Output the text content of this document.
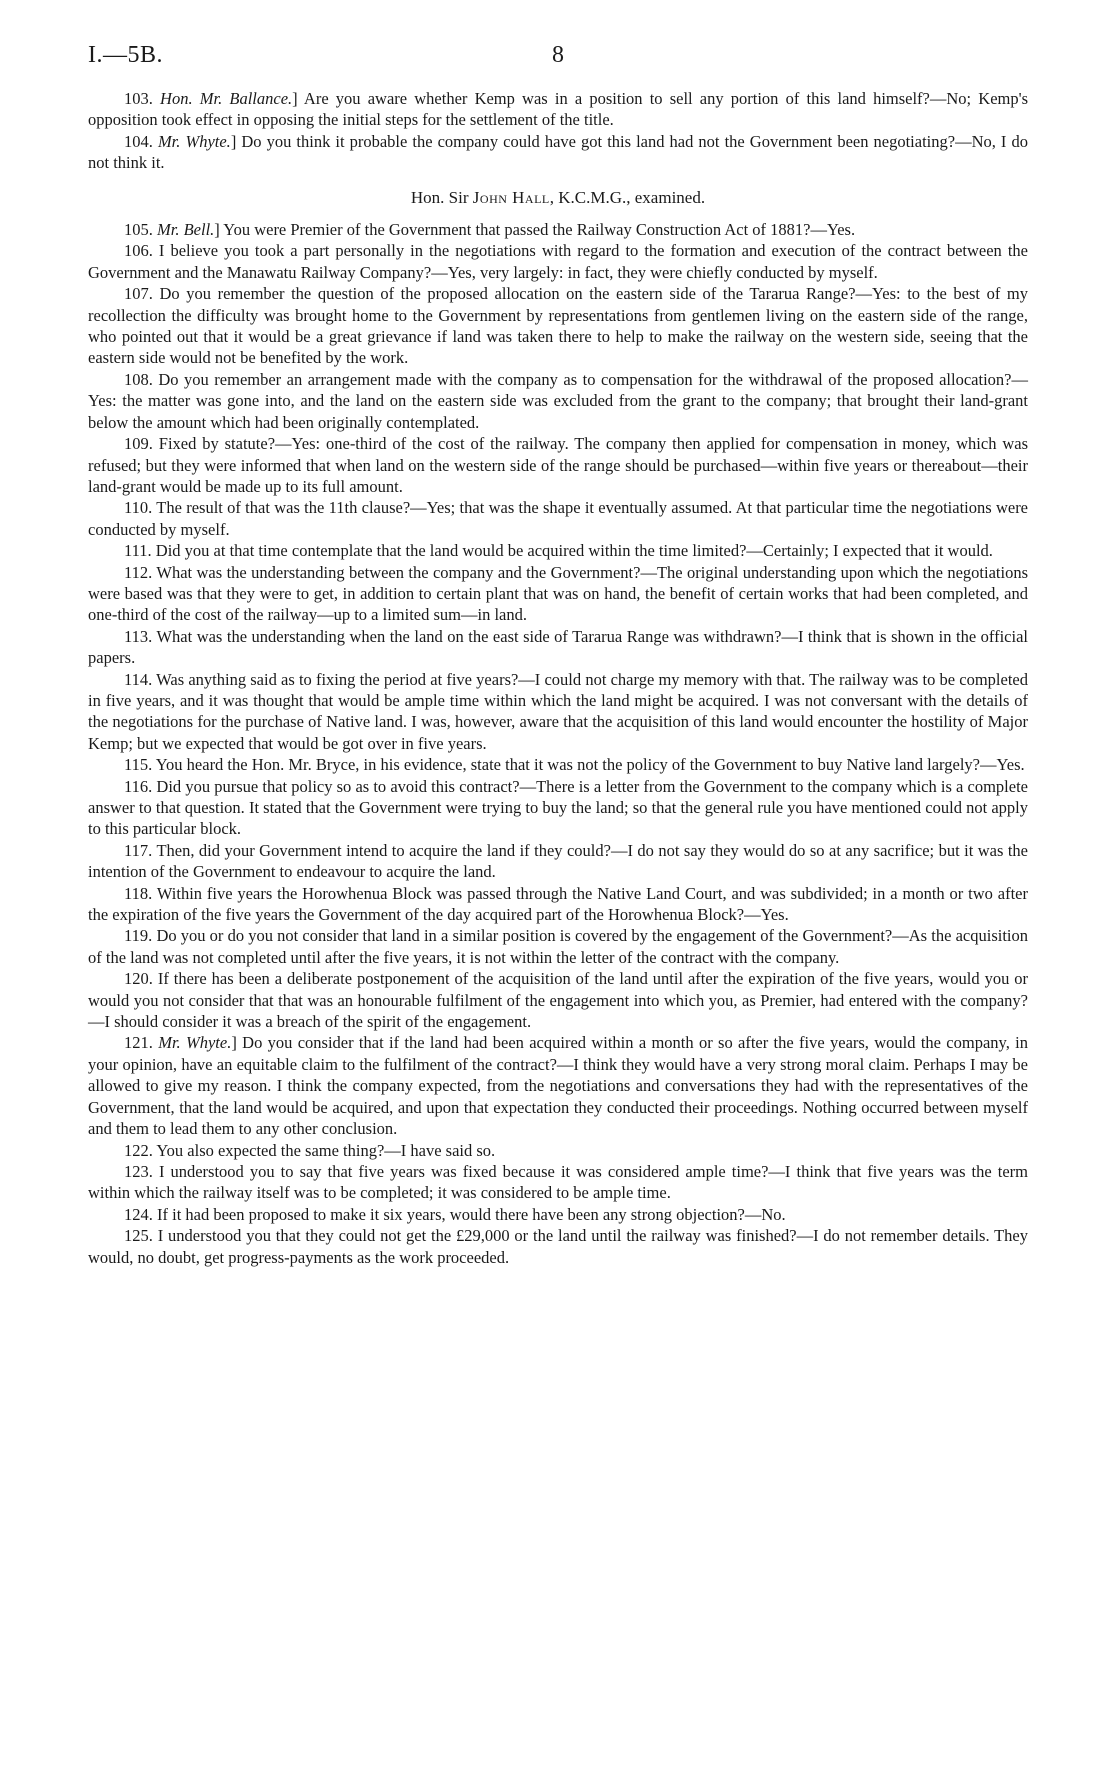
I.—5B.	8

103. Hon. Mr. Ballance.] Are you aware whether Kemp was in a position to sell any portion of this land himself?—No; Kemp's opposition took effect in opposing the initial steps for the settlement of the title.

104. Mr. Whyte.] Do you think it probable the company could have got this land had not the Government been negotiating?—No, I do not think it.

Hon. Sir John Hall, K.C.M.G., examined.

105. Mr. Bell.] You were Premier of the Government that passed the Railway Construction Act of 1881?—Yes.

106. I believe you took a part personally in the negotiations with regard to the formation and execution of the contract between the Government and the Manawatu Railway Company?—Yes, very largely: in fact, they were chiefly conducted by myself.

107. Do you remember the question of the proposed allocation on the eastern side of the Tararua Range?—Yes: to the best of my recollection the difficulty was brought home to the Government by representations from gentlemen living on the eastern side of the range, who pointed out that it would be a great grievance if land was taken there to help to make the railway on the western side, seeing that the eastern side would not be benefited by the work.

108. Do you remember an arrangement made with the company as to compensation for the withdrawal of the proposed allocation?—Yes: the matter was gone into, and the land on the eastern side was excluded from the grant to the company; that brought their land-grant below the amount which had been originally contemplated.

109. Fixed by statute?—Yes: one-third of the cost of the railway. The company then applied for compensation in money, which was refused; but they were informed that when land on the western side of the range should be purchased—within five years or thereabout—their land-grant would be made up to its full amount.

110. The result of that was the 11th clause?—Yes; that was the shape it eventually assumed. At that particular time the negotiations were conducted by myself.

111. Did you at that time contemplate that the land would be acquired within the time limited?—Certainly; I expected that it would.

112. What was the understanding between the company and the Government?—The original understanding upon which the negotiations were based was that they were to get, in addition to certain plant that was on hand, the benefit of certain works that had been completed, and one-third of the cost of the railway—up to a limited sum—in land.

113. What was the understanding when the land on the east side of Tararua Range was withdrawn?—I think that is shown in the official papers.

114. Was anything said as to fixing the period at five years?—I could not charge my memory with that. The railway was to be completed in five years, and it was thought that would be ample time within which the land might be acquired. I was not conversant with the details of the negotiations for the purchase of Native land. I was, however, aware that the acquisition of this land would encounter the hostility of Major Kemp; but we expected that would be got over in five years.

115. You heard the Hon. Mr. Bryce, in his evidence, state that it was not the policy of the Government to buy Native land largely?—Yes.

116. Did you pursue that policy so as to avoid this contract?—There is a letter from the Government to the company which is a complete answer to that question. It stated that the Government were trying to buy the land; so that the general rule you have mentioned could not apply to this particular block.

117. Then, did your Government intend to acquire the land if they could?—I do not say they would do so at any sacrifice; but it was the intention of the Government to endeavour to acquire the land.

118. Within five years the Horowhenua Block was passed through the Native Land Court, and was subdivided; in a month or two after the expiration of the five years the Government of the day acquired part of the Horowhenua Block?—Yes.

119. Do you or do you not consider that land in a similar position is covered by the engagement of the Government?—As the acquisition of the land was not completed until after the five years, it is not within the letter of the contract with the company.

120. If there has been a deliberate postponement of the acquisition of the land until after the expiration of the five years, would you or would you not consider that that was an honourable fulfilment of the engagement into which you, as Premier, had entered with the company?—I should consider it was a breach of the spirit of the engagement.

121. Mr. Whyte.] Do you consider that if the land had been acquired within a month or so after the five years, would the company, in your opinion, have an equitable claim to the fulfilment of the contract?—I think they would have a very strong moral claim. Perhaps I may be allowed to give my reason. I think the company expected, from the negotiations and conversations they had with the representatives of the Government, that the land would be acquired, and upon that expectation they conducted their proceedings. Nothing occurred between myself and them to lead them to any other conclusion.

122. You also expected the same thing?—I have said so.

123. I understood you to say that five years was fixed because it was considered ample time?—I think that five years was the term within which the railway itself was to be completed; it was considered to be ample time.

124. If it had been proposed to make it six years, would there have been any strong objection?—No.

125. I understood you that they could not get the £29,000 or the land until the railway was finished?—I do not remember details. They would, no doubt, get progress-payments as the work proceeded.
